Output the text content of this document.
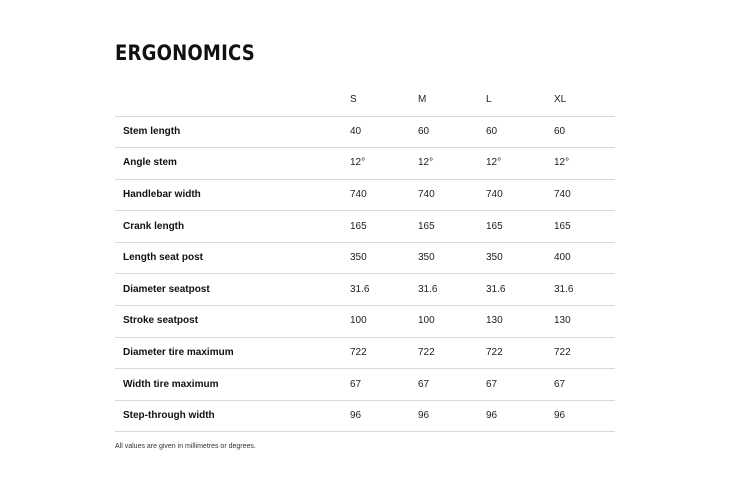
ERGONOMICS
	S	M	L	XL
Stem length	40	60	60	60
Angle stem	12°	12°	12°	12°
Handlebar width	740	740	740	740
Crank length	165	165	165	165
Length seat post	350	350	350	400
Diameter seatpost	31.6	31.6	31.6	31.6
Stroke seatpost	100	100	130	130
Diameter tire maximum	722	722	722	722
Width tire maximum	67	67	67	67
Step-through width	96	96	96	96

All values are given in millimetres or degrees.
